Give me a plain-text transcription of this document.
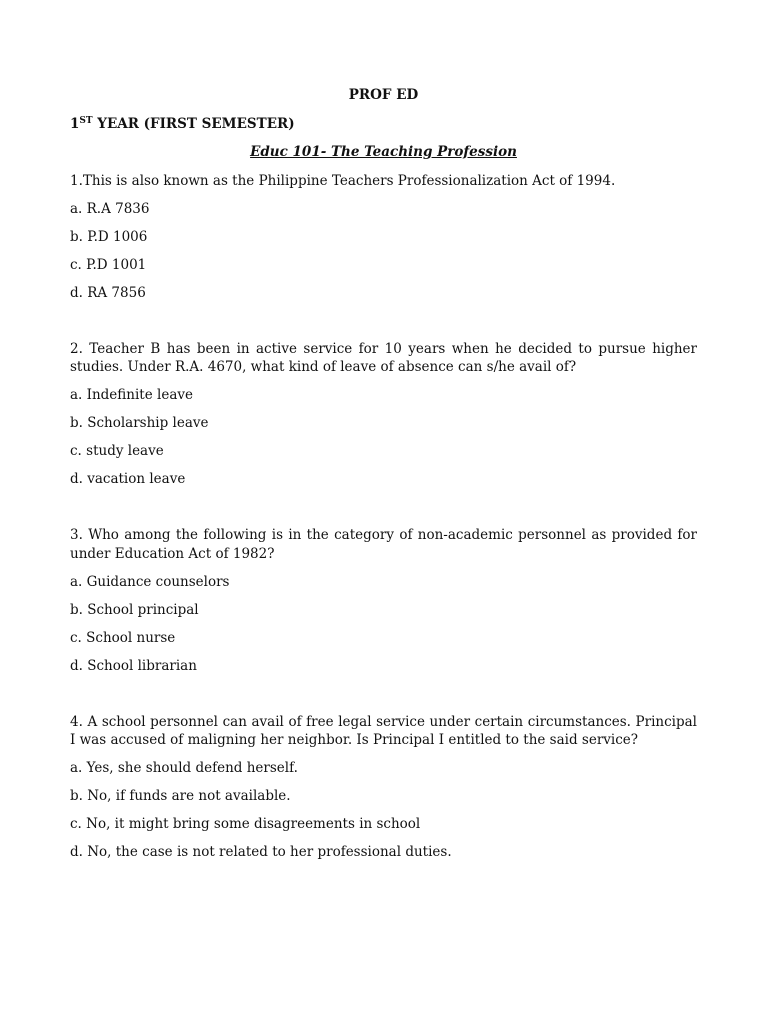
PROF ED

1ST YEAR (FIRST SEMESTER)

Educ 101- The Teaching Profession

1.This is also known as the Philippine Teachers Professionalization Act of 1994.

a. R.A 7836

b. P.D 1006

c. P.D 1001

d. RA 7856

2. Teacher B has been in active service for 10 years when he decided to pursue higher studies. Under R.A. 4670, what kind of leave of absence can s/he avail of?

a. Indefinite leave

b. Scholarship leave

c. study leave

d. vacation leave

3. Who among the following is in the category of non-academic personnel as provided for under Education Act of 1982?

a. Guidance counselors

b. School principal

c. School nurse

d. School librarian

4. A school personnel can avail of free legal service under certain circumstances. Principal I was accused of maligning her neighbor. Is Principal I entitled to the said service?

a. Yes, she should defend herself.

b. No, if funds are not available.

c. No, it might bring some disagreements in school

d. No, the case is not related to her professional duties.
